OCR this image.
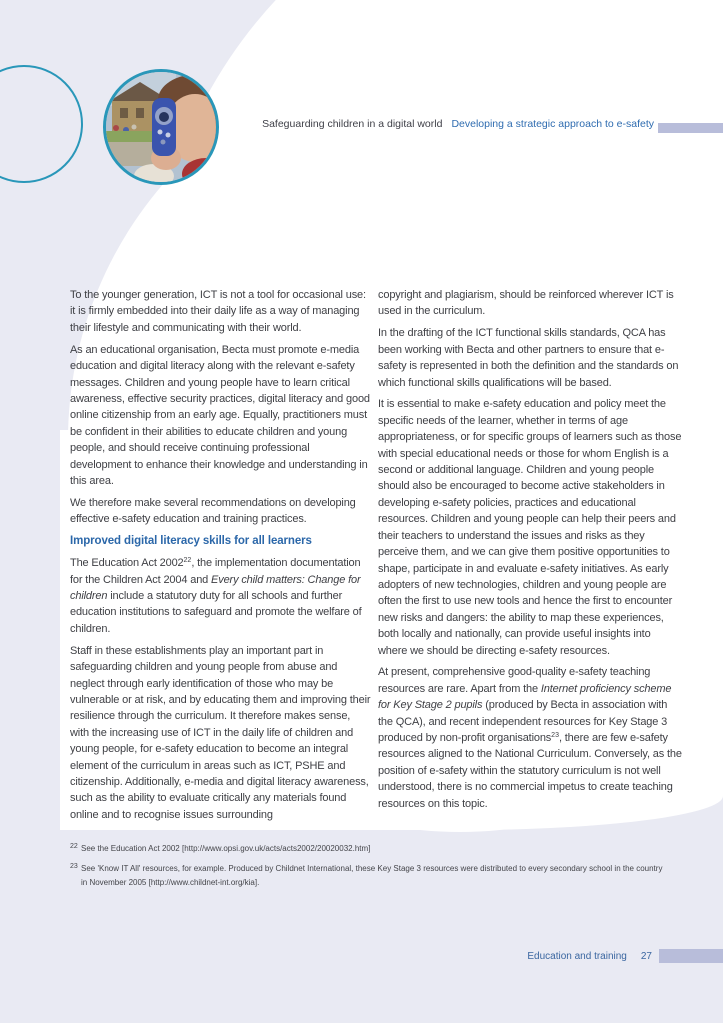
Safeguarding children in a digital world Developing a strategic approach to e-safety

To the younger generation, ICT is not a tool for occasional use: it is firmly embedded into their daily life as a way of managing their lifestyle and communicating with their world.

As an educational organisation, Becta must promote e-media education and digital literacy along with the relevant e-safety messages. Children and young people have to learn critical awareness, effective security practices, digital literacy and good online citizenship from an early age. Equally, practitioners must be confident in their abilities to educate children and young people, and should receive continuing professional development to enhance their knowledge and understanding in this area.

We therefore make several recommendations on developing effective e-safety education and training practices.

Improved digital literacy skills for all learners

The Education Act 2002$^{22}$, the implementation documentation for the Children Act 2004 and Every child matters: Change for children include a statutory duty for all schools and further education institutions to safeguard and promote the welfare of children.

Staff in these establishments play an important part in safeguarding children and young people from abuse and neglect through early identification of those who may be vulnerable or at risk, and by educating them and improving their resilience through the curriculum. It therefore makes sense, with the increasing use of ICT in the daily life of children and young people, for e-safety education to become an integral element of the curriculum in areas such as ICT, PSHE and citizenship. Additionally, e-media and digital literacy awareness, such as the ability to evaluate critically any materials found online and to recognise issues surrounding

copyright and plagiarism, should be reinforced wherever ICT is used in the curriculum.

In the drafting of the ICT functional skills standards, QCA has been working with Becta and other partners to ensure that e-safety is represented in both the definition and the standards on which functional skills qualifications will be based.

It is essential to make e-safety education and policy meet the specific needs of the learner, whether in terms of age appropriateness, or for specific groups of learners such as those with special educational needs or those for whom English is a second or additional language. Children and young people should also be encouraged to become active stakeholders in developing e-safety policies, practices and educational resources. Children and young people can help their peers and their teachers to understand the issues and risks as they perceive them, and we can give them positive opportunities to shape, participate in and evaluate e-safety initiatives. As early adopters of new technologies, children and young people are often the first to use new tools and hence the first to encounter new risks and dangers: the ability to map these experiences, both locally and nationally, can provide useful insights into where we should be directing e-safety resources.

At present, comprehensive good-quality e-safety teaching resources are rare. Apart from the Internet proficiency scheme for Key Stage 2 pupils (produced by Becta in association with the QCA), and recent independent resources for Key Stage 3 produced by non-profit organisations$^{23}$, there are few e-safety resources aligned to the National Curriculum. Conversely, as the position of e-safety within the statutory curriculum is not well understood, there is no commercial impetus to create teaching resources on this topic.

22 See the Education Act 2002 [http://www.opsi.gov.uk/acts/acts2002/20020032.htm]
23 See 'Know IT All' resources, for example. Produced by Childnet International, these Key Stage 3 resources were distributed to every secondary school in the country in November 2005 [http://www.childnet-int.org/kia].
Education and training 27
